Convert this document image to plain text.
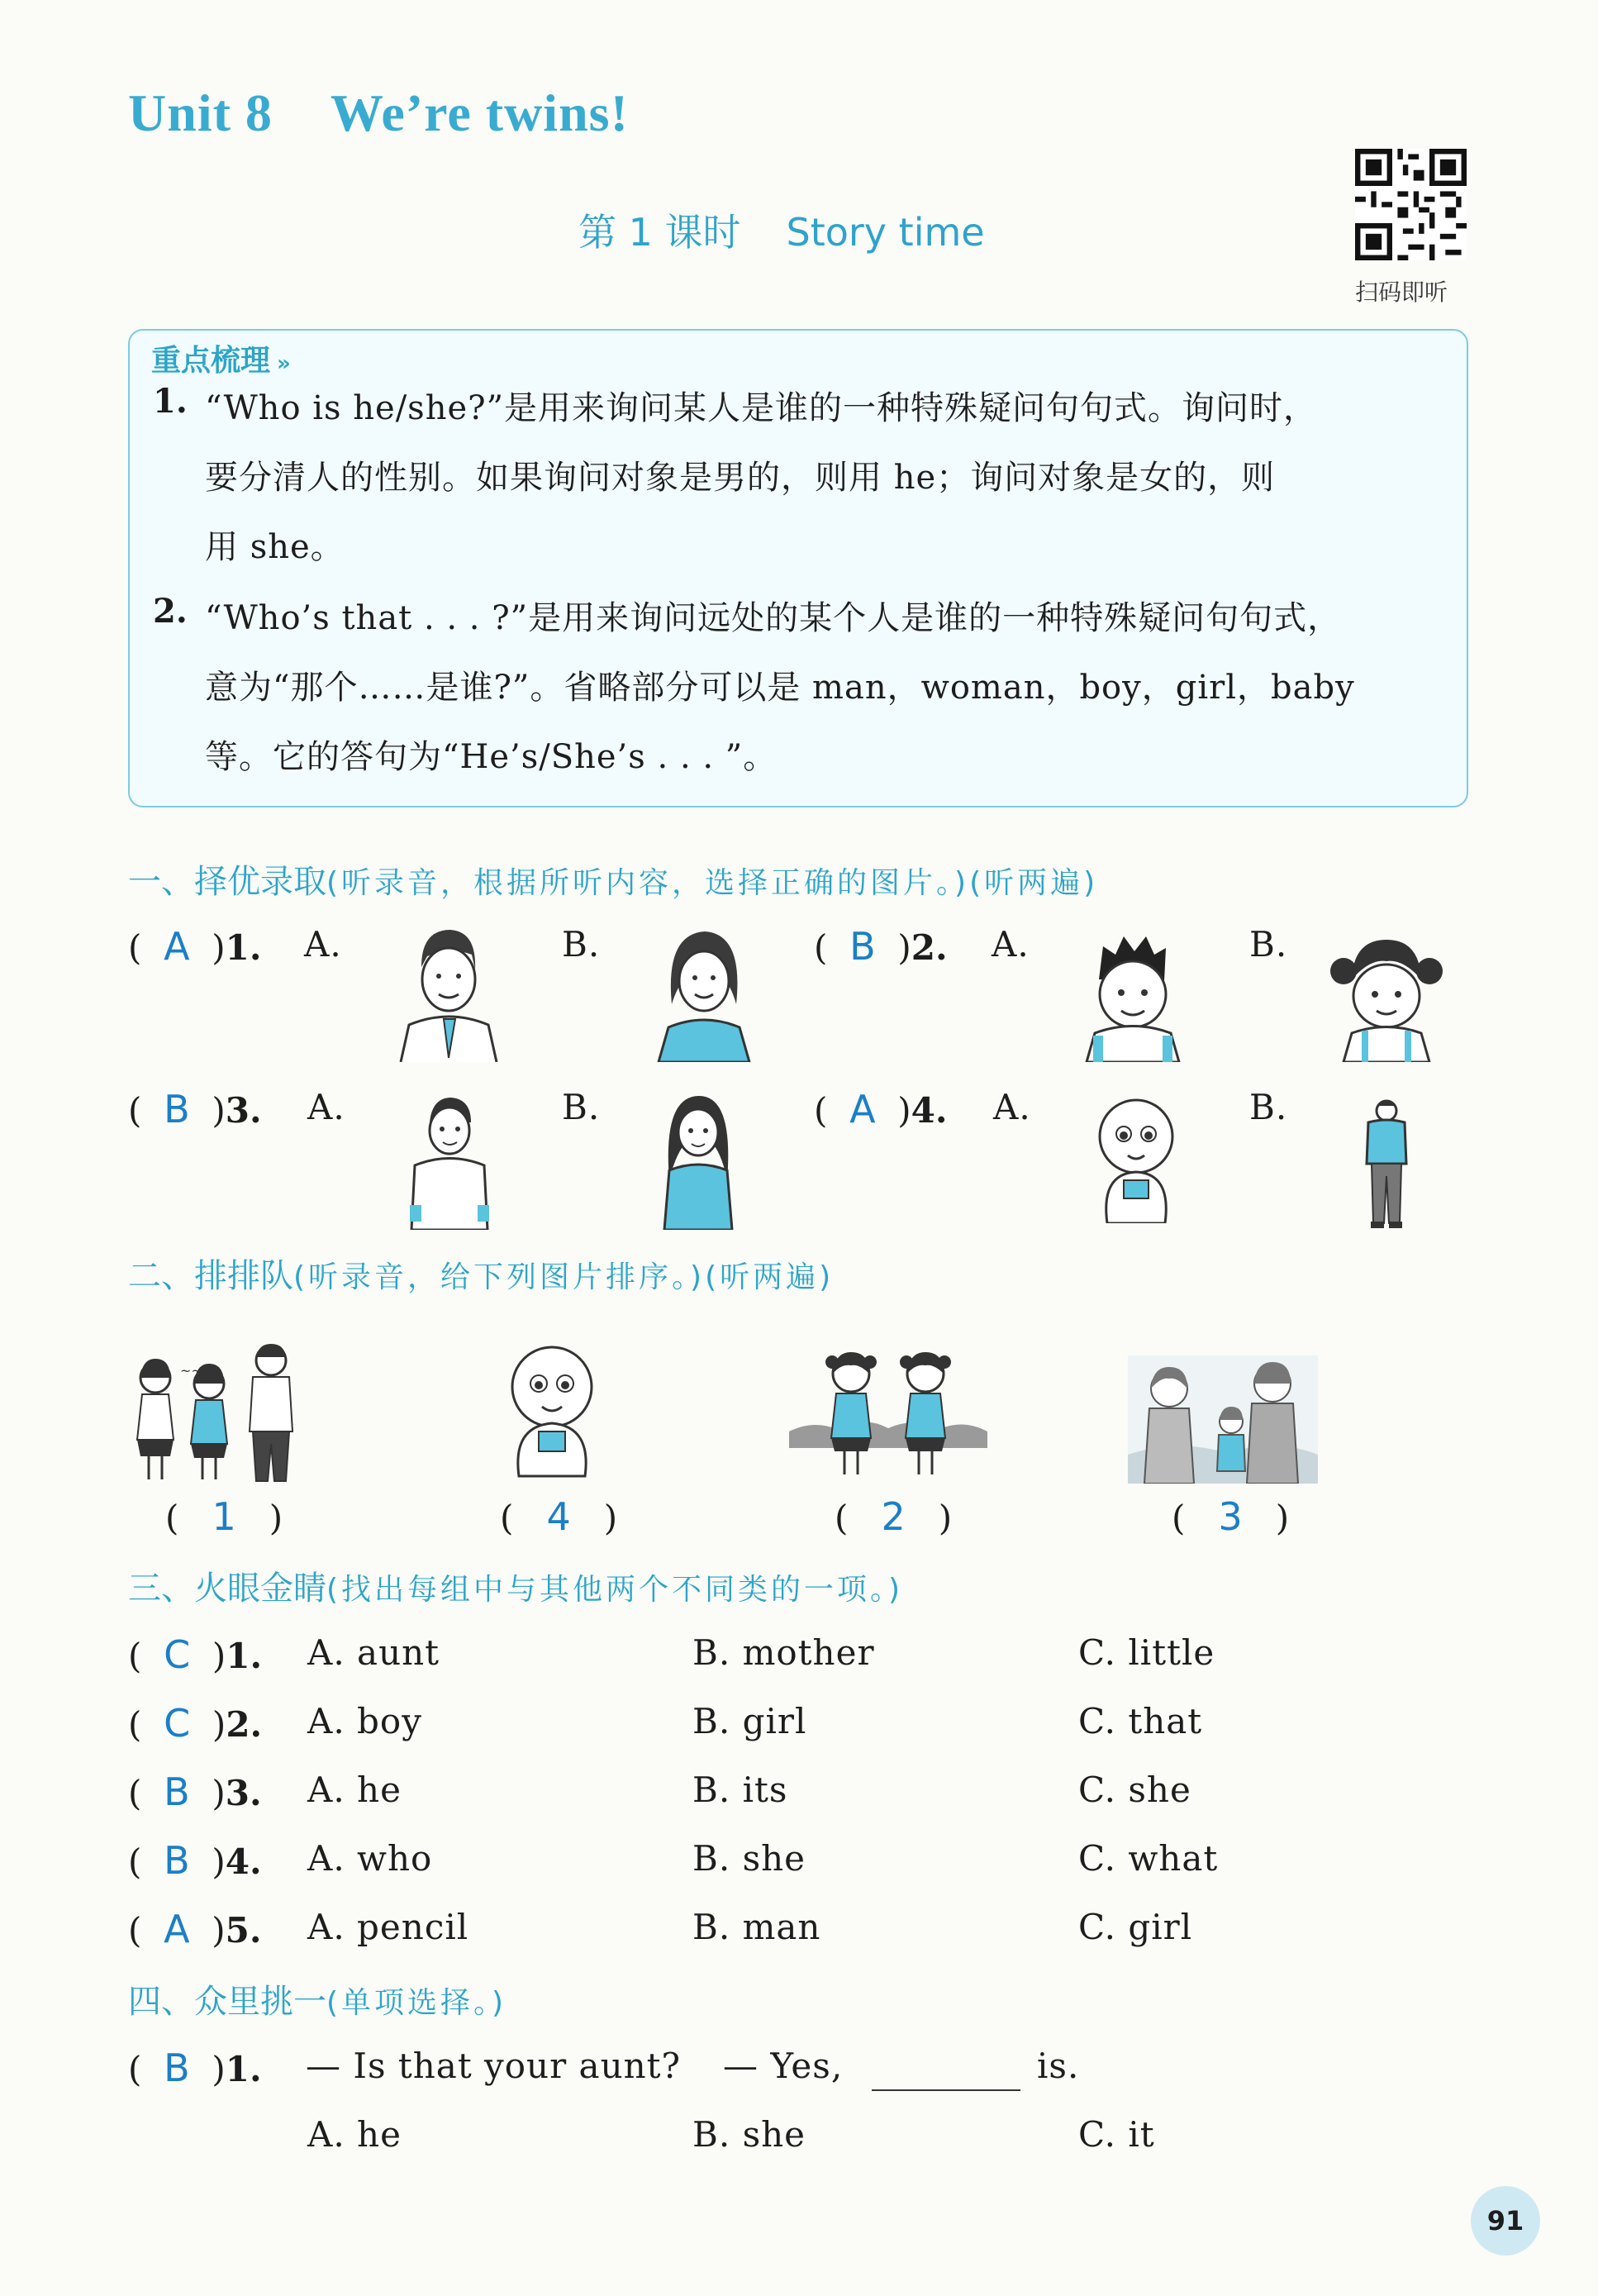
Unit 8 We’re twins!
第 1 课时 Story time
扫码即听
重点梳理 »
1. “Who is he/she?”是用来询问某人是谁的一种特殊疑问句句式。询问时，
要分清人的性别。如果询问对象是男的，则用 he；询问对象是女的，则
用 she。
2. “Who’s that . . . ?”是用来询问远处的某个人是谁的一种特殊疑问句句式，
意为“那个……是谁?”。省略部分可以是 man，woman，boy，girl，baby
等。它的答句为“He’s/She’s . . . ”。
一、择优录取(听录音，根据所听内容，选择正确的图片。)(听两遍)
( A )1. A.	B.	( B )2. A.	B.
( B )3. A.	B.	( A )4. A.	B.
二、排排队(听录音，给下列图片排序。)(听两遍)
~~
( 1 )	( 4 )	( 2 )	( 3 )
三、火眼金睛(找出每组中与其他两个不同类的一项。)
( C )1. A. aunt	B. mother	C. little
( C )2. A. boy	B. girl	C. that
( B )3. A. he	B. its	C. she
( B )4. A. who	B. she	C. what
( A )5. A. pencil	B. man	C. girl
四、众里挑一(单项选择。)
( B )1. — Is that your aunt? — Yes,	is.
A. he	B. she	C. it
91
